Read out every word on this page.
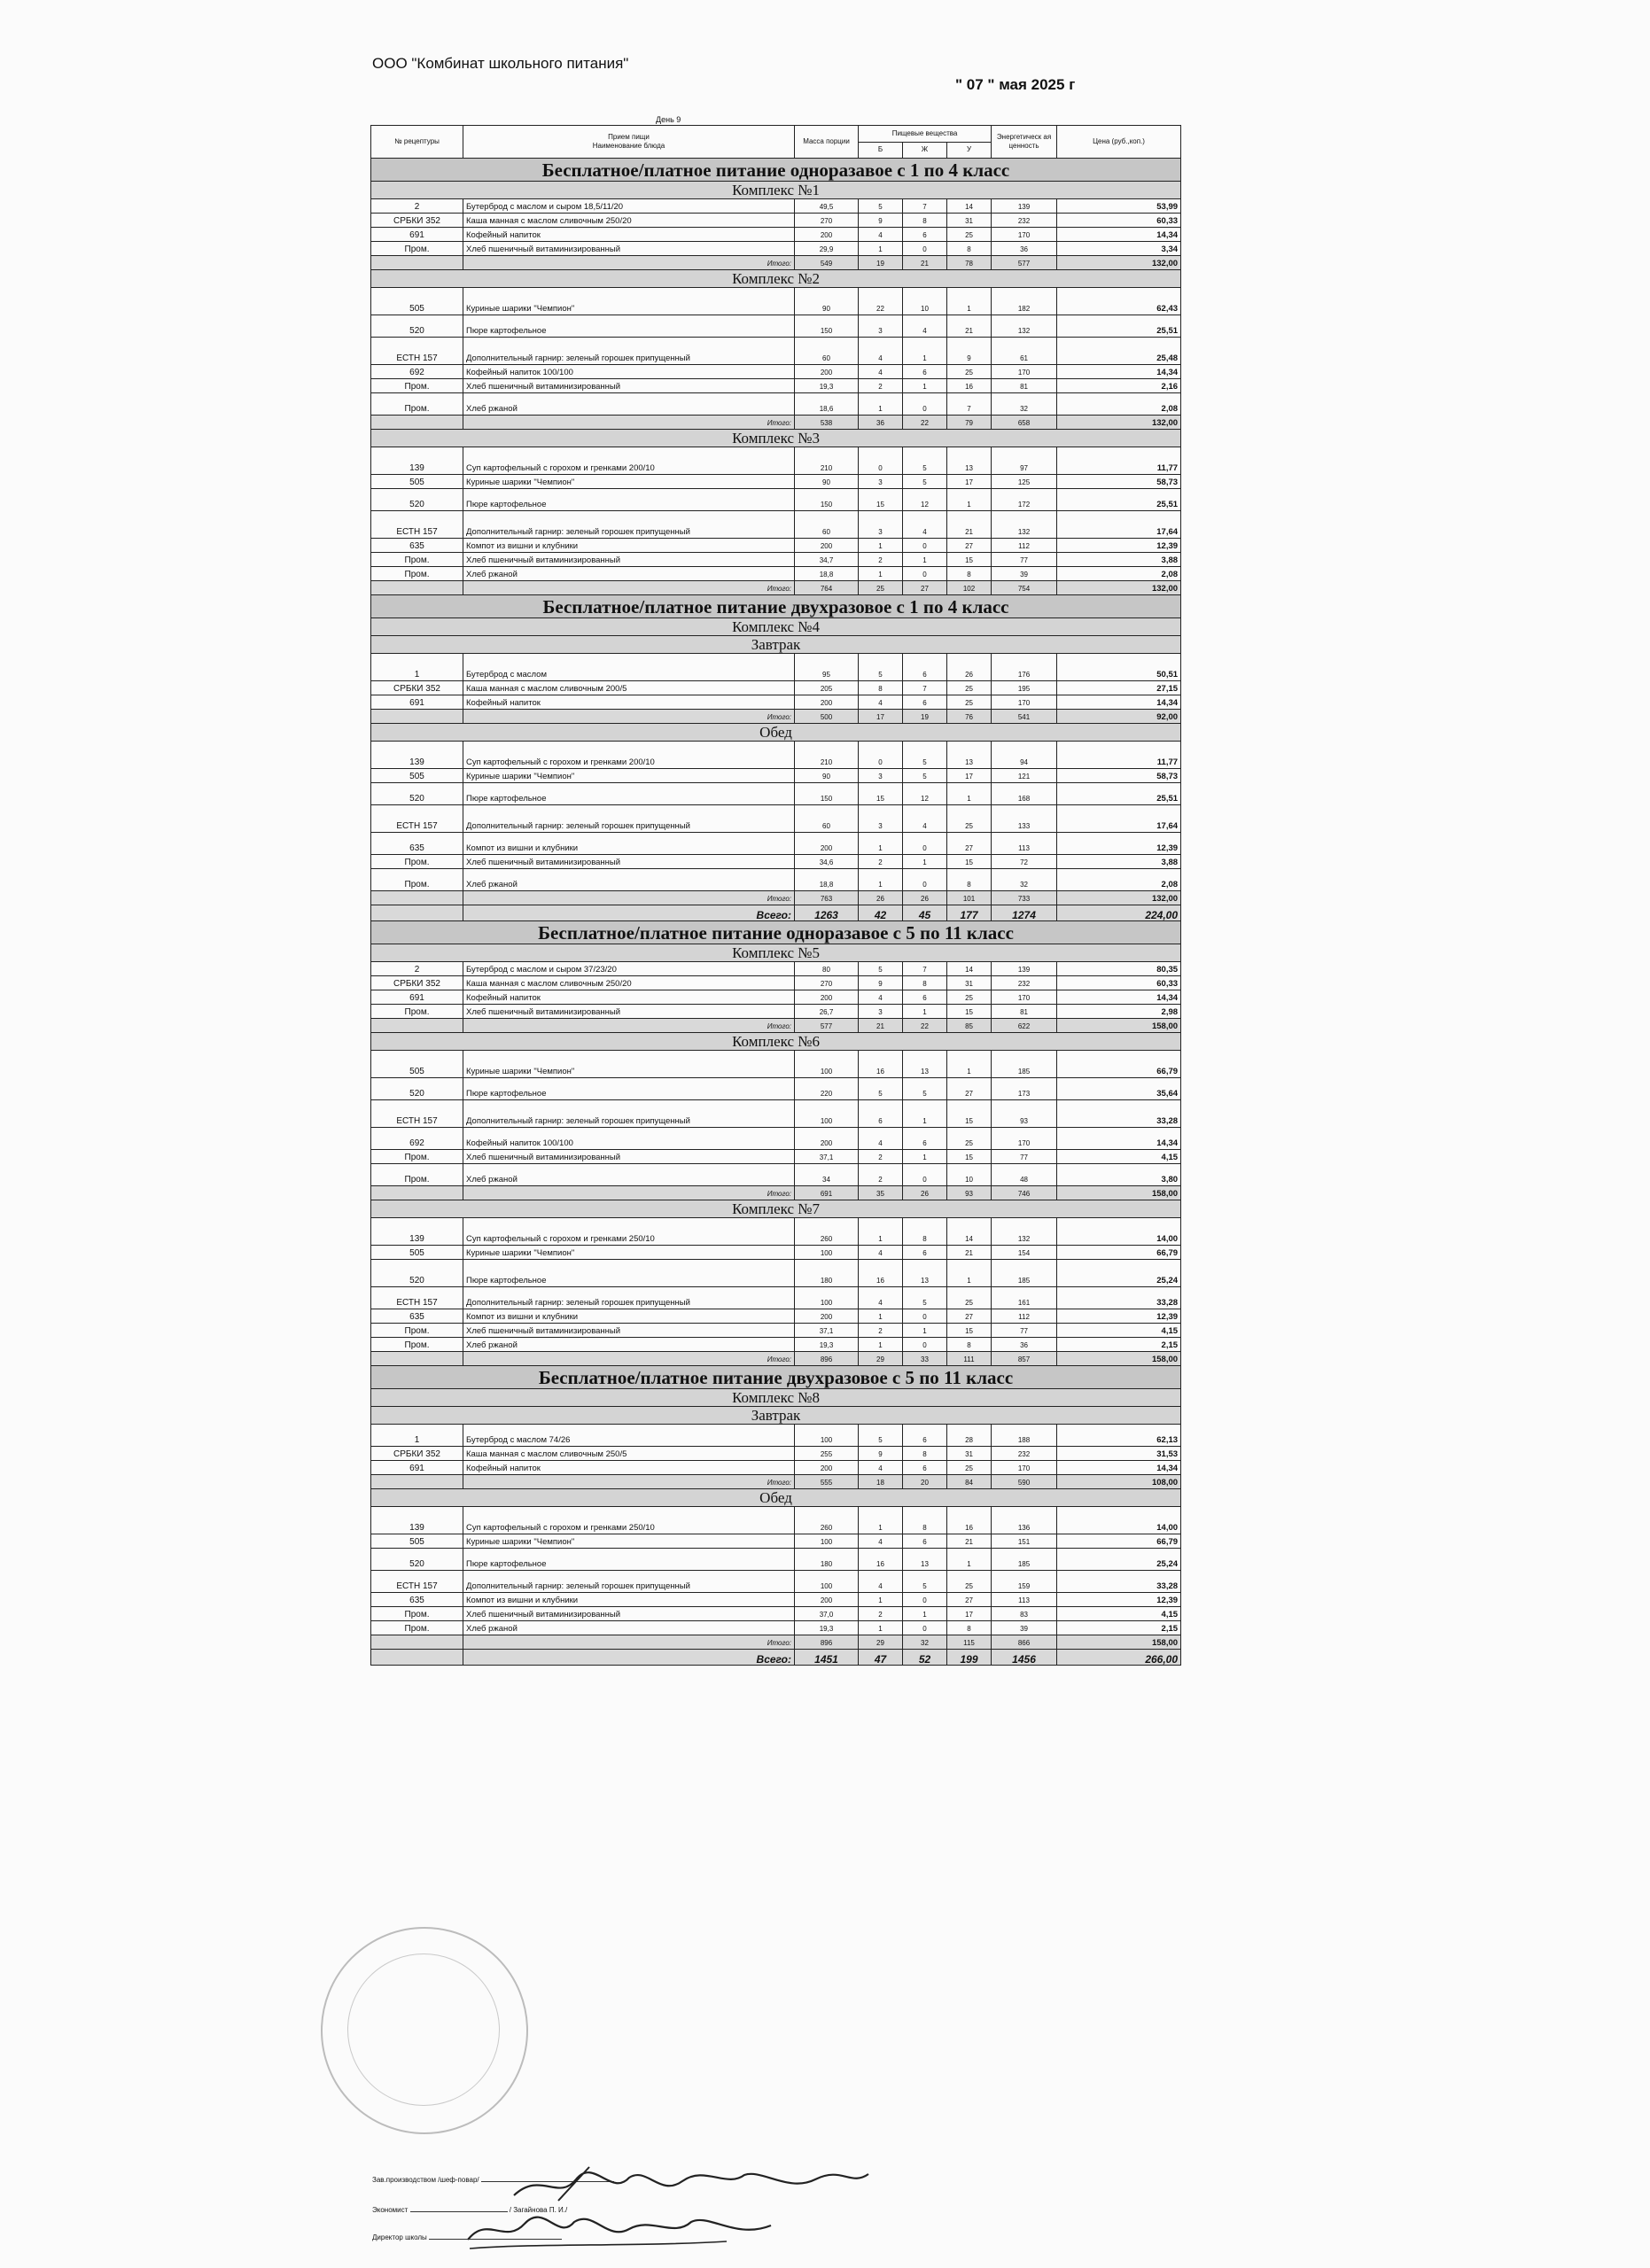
ООО "Комбинат школьного питания"
" 07 " мая 2025 г
День 9
№ рецептуры	Прием пищи
Наименование блюда	Масса порции	Пищевые вещества			Энергетическ ая ценность	Цена (руб.,коп.)
			Б	Ж	У		
Бесплатное/платное питание одноразавое с 1 по 4 класс							
Комплекс №1							
2	Бутерброд с маслом и сыром 18,5/11/20	49,5	5	7	14	139	53,99
СРБКИ 352	Каша манная с маслом сливочным 250/20	270	9	8	31	232	60,33
691	Кофейный напиток	200	4	6	25	170	14,34
Пром.	Хлеб пшеничный витаминизированный	29,9	1	0	8	36	3,34
	Итого:	549	19	21	78	577	132,00
Комплекс №2							
505	Куриные шарики "Чемпион"	90	22	10	1	182	62,43
520	Пюре картофельное	150	3	4	21	132	25,51
ЕСТН 157	Дополнительный гарнир: зеленый горошек припущенный	60	4	1	9	61	25,48
692	Кофейный напиток 100/100	200	4	6	25	170	14,34
Пром.	Хлеб пшеничный витаминизированный	19,3	2	1	16	81	2,16
Пром.	Хлеб ржаной	18,6	1	0	7	32	2,08
	Итого:	538	36	22	79	658	132,00
Комплекс №3							
139	Суп картофельный с горохом и гренками 200/10	210	0	5	13	97	11,77
505	Куриные шарики "Чемпион"	90	3	5	17	125	58,73
520	Пюре картофельное	150	15	12	1	172	25,51
ЕСТН 157	Дополнительный гарнир: зеленый горошек припущенный	60	3	4	21	132	17,64
635	Компот из вишни и клубники	200	1	0	27	112	12,39
Пром.	Хлеб пшеничный витаминизированный	34,7	2	1	15	77	3,88
Пром.	Хлеб ржаной	18,8	1	0	8	39	2,08
	Итого:	764	25	27	102	754	132,00
Бесплатное/платное питание двухразовое с 1 по 4 класс							
Комплекс №4							
Завтрак							
1	Бутерброд с маслом	95	5	6	26	176	50,51
СРБКИ 352	Каша манная с маслом сливочным 200/5	205	8	7	25	195	27,15
691	Кофейный напиток	200	4	6	25	170	14,34
	Итого:	500	17	19	76	541	92,00
Обед							
139	Суп картофельный с горохом и гренками 200/10	210	0	5	13	94	11,77
505	Куриные шарики "Чемпион"	90	3	5	17	121	58,73
520	Пюре картофельное	150	15	12	1	168	25,51
ЕСТН 157	Дополнительный гарнир: зеленый горошек припущенный	60	3	4	25	133	17,64
635	Компот из вишни и клубники	200	1	0	27	113	12,39
Пром.	Хлеб пшеничный витаминизированный	34,6	2	1	15	72	3,88
Пром.	Хлеб ржаной	18,8	1	0	8	32	2,08
	Итого:	763	26	26	101	733	132,00
	Всего:	1263	42	45	177	1274	224,00
Бесплатное/платное питание одноразавое с 5 по 11 класс							
Комплекс №5							
2	Бутерброд с маслом и сыром 37/23/20	80	5	7	14	139	80,35
СРБКИ 352	Каша манная с маслом сливочным 250/20	270	9	8	31	232	60,33
691	Кофейный напиток	200	4	6	25	170	14,34
Пром.	Хлеб пшеничный витаминизированный	26,7	3	1	15	81	2,98
	Итого:	577	21	22	85	622	158,00
Комплекс №6							
505	Куриные шарики "Чемпион"	100	16	13	1	185	66,79
520	Пюре картофельное	220	5	5	27	173	35,64
ЕСТН 157	Дополнительный гарнир: зеленый горошек припущенный	100	6	1	15	93	33,28
692	Кофейный напиток 100/100	200	4	6	25	170	14,34
Пром.	Хлеб пшеничный витаминизированный	37,1	2	1	15	77	4,15
Пром.	Хлеб ржаной	34	2	0	10	48	3,80
	Итого:	691	35	26	93	746	158,00
Комплекс №7							
139	Суп картофельный с горохом и гренками 250/10	260	1	8	14	132	14,00
505	Куриные шарики "Чемпион"	100	4	6	21	154	66,79
520	Пюре картофельное	180	16	13	1	185	25,24
ЕСТН 157	Дополнительный гарнир: зеленый горошек припущенный	100	4	5	25	161	33,28
635	Компот из вишни и клубники	200	1	0	27	112	12,39
Пром.	Хлеб пшеничный витаминизированный	37,1	2	1	15	77	4,15
Пром.	Хлеб ржаной	19,3	1	0	8	36	2,15
	Итого:	896	29	33	111	857	158,00
Бесплатное/платное питание двухразовое с 5 по 11 класс							
Комплекс №8							
Завтрак							
1	Бутерброд с маслом 74/26	100	5	6	28	188	62,13
СРБКИ 352	Каша манная с маслом сливочным 250/5	255	9	8	31	232	31,53
691	Кофейный напиток	200	4	6	25	170	14,34
	Итого:	555	18	20	84	590	108,00
Обед							
139	Суп картофельный с горохом и гренками 250/10	260	1	8	16	136	14,00
505	Куриные шарики "Чемпион"	100	4	6	21	151	66,79
520	Пюре картофельное	180	16	13	1	185	25,24
ЕСТН 157	Дополнительный гарнир: зеленый горошек припущенный	100	4	5	25	159	33,28
635	Компот из вишни и клубники	200	1	0	27	113	12,39
Пром.	Хлеб пшеничный витаминизированный	37,0	2	1	17	83	4,15
Пром.	Хлеб ржаной	19,3	1	0	8	39	2,15
	Итого:	896	29	32	115	866	158,00
	Всего:	1451	47	52	199	1456	266,00
Зав.производством /шеф-повар/
Экономист	/ Загайнова П. И./
Директор школы
